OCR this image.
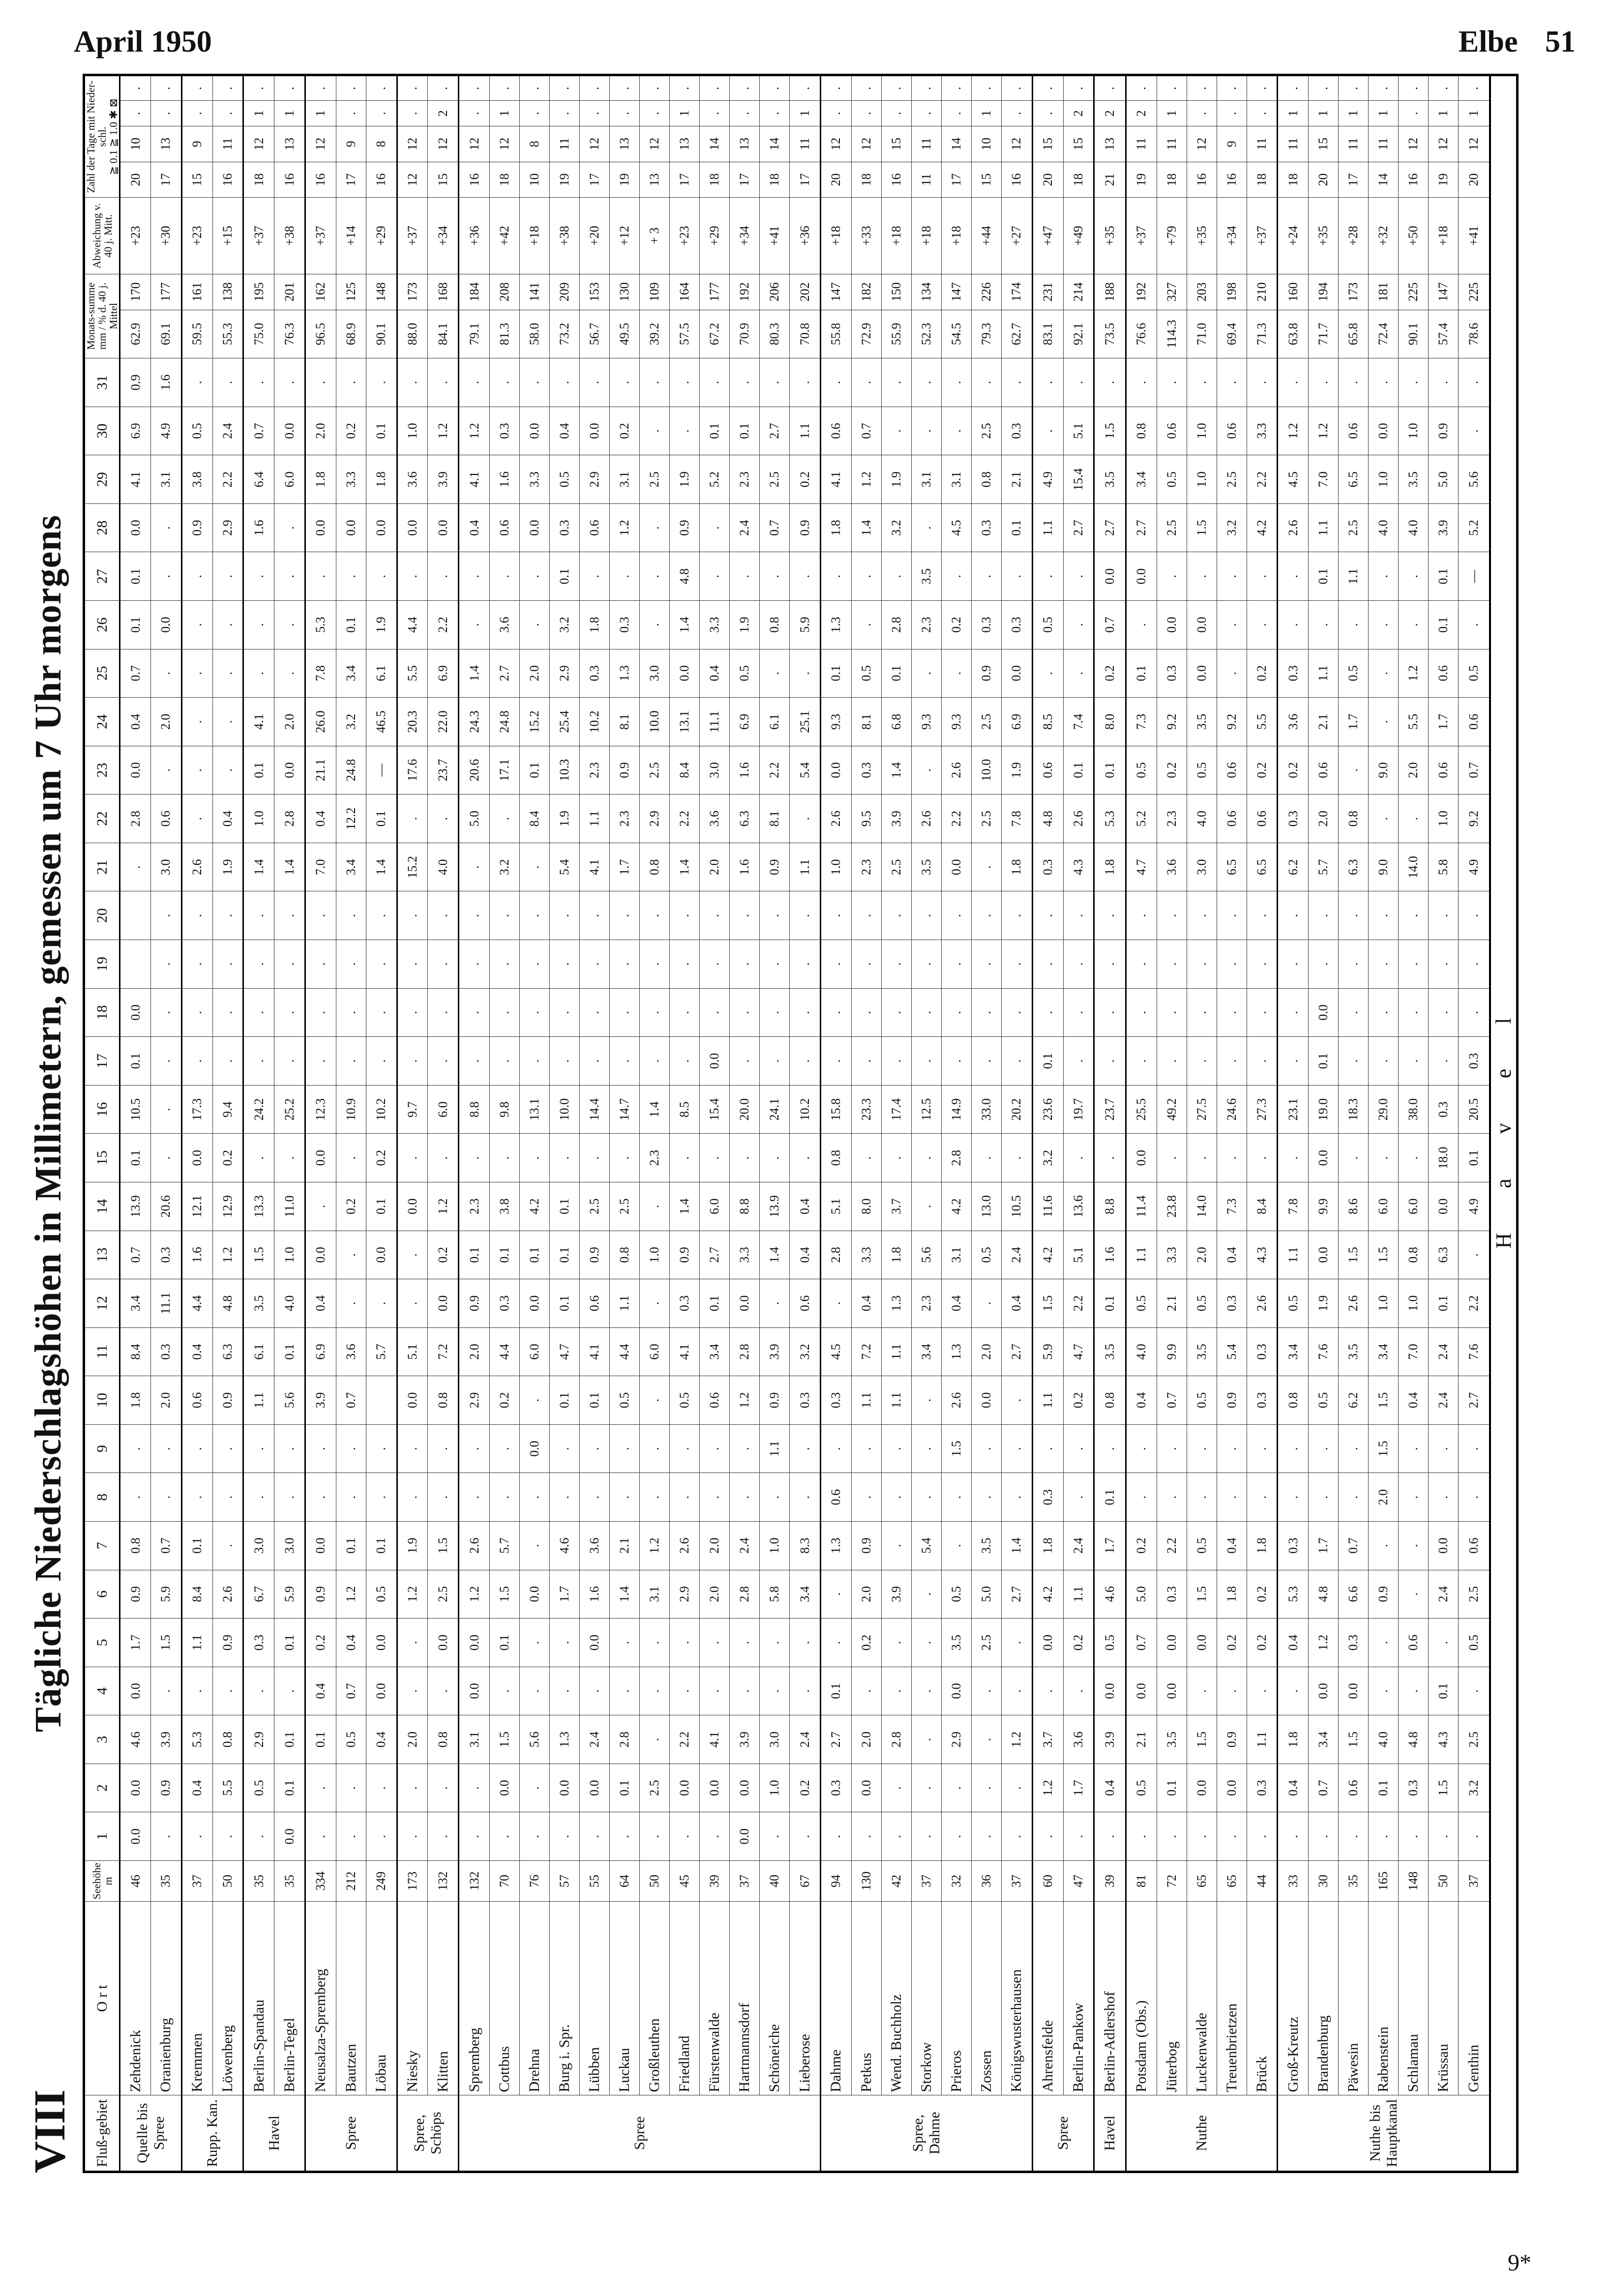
April 1950	Elbe 51
VIII
Tägliche Niederschlagshöhen in Millimetern, gemessen um 7 Uhr morgens
Fluß-gebiet	O r t	Seehöhe m	1	2	3	4	5	6	7	8	9	10	11	12	13	14	15	16	17	18	19	20	21	22	23	24	25	26	27	28	29	30	31	Monats-summe
mm / % d. 40 j. Mittel		Abweichung v. 40 j. Mitt.	Zahl der Tage mit Nieder-schl.
≧ 0.1 ≧ 1.0 ✱ ⊠			
Quelle bis Spree	Zehdenick	46	0.0	0.0	4.6	0.0	1.7	0.9	0.8	.	.	1.8	8.4	3.4	0.7	13.9	0.1	10.5	0.1	0.0			.	2.8	0.0	0.4	0.7	0.1	0.1	0.0	4.1	6.9	0.9	62.9	170	+23	20	10	.	.
	Oranienburg	35	.	0.9	3.9	.	1.5	5.9	0.7	.	.	2.0	0.3	11.1	0.3	20.6	.	.	.	.	.	.	3.0	0.6	.	2.0	.	0.0	.	.	3.1	4.9	1.6	69.1	177	+30	17	13	.	.
Rupp. Kan.	Kremmen	37	.	0.4	5.3	.	1.1	8.4	0.1	.	.	0.6	0.4	4.4	1.6	12.1	0.0	17.3	.	.	.	.	2.6	.	.	.	.	.	.	0.9	3.8	0.5	.	59.5	161	+23	15	9	.	.
	Löwenberg	50	.	5.5	0.8	.	0.9	2.6	.	.	.	0.9	6.3	4.8	1.2	12.9	0.2	9.4	.	.	.	.	1.9	0.4	.	.	.	.	.	2.9	2.2	2.4	.	55.3	138	+15	16	11	.	.
Havel	Berlin-Spandau	35	.	0.5	2.9	.	0.3	6.7	3.0	.	.	1.1	6.1	3.5	1.5	13.3	.	24.2	.	.	.	.	1.4	1.0	0.1	4.1	.	.	.	1.6	6.4	0.7	.	75.0	195	+37	18	12	1	.
	Berlin-Tegel	35	0.0	0.1	0.1	.	0.1	5.9	3.0	.	.	5.6	0.1	4.0	1.0	11.0	.	25.2	.	.	.	.	1.4	2.8	0.0	2.0	.	.	.	.	6.0	0.0	.	76.3	201	+38	16	13	1	.
Spree	Neusalza-Spremberg	334	.	.	0.1	0.4	0.2	0.9	0.0	.	.	3.9	6.9	0.4	0.0	.	0.0	12.3	.	.	.	.	7.0	0.4	21.1	26.0	7.8	5.3	.	0.0	1.8	2.0	.	96.5	162	+37	16	12	1	.
	Bautzen	212	.	.	0.5	0.7	0.4	1.2	0.1	.	.	0.7	3.6	.	.	0.2	.	10.9	.	.	.	.	3.4	12.2	24.8	3.2	3.4	0.1	.	0.0	3.3	0.2	.	68.9	125	+14	17	9	.	.
	Löbau	249	.	.	0.4	0.0	0.0	0.5	0.1	.	.		5.7	.	0.0	0.1	0.2	10.2	.	.	.	.	1.4	0.1	—	46.5	6.1	1.9	.	0.0	1.8	0.1	.	90.1	148	+29	16	8	.	.
Spree, Schöps	Niesky	173	.	.	2.0	.	.	1.2	1.9	.	.	0.0	5.1	.	.	0.0	.	9.7	.	.	.	.	15.2	.	17.6	20.3	5.5	4.4	.	0.0	3.6	1.0	.	88.0	173	+37	12	12	.	.
	Klitten	132	.	.	0.8	.	0.0	2.5	1.5	.	.	0.8	7.2	0.0	0.2	1.2	.	6.0	.	.	.	.	4.0	.	23.7	22.0	6.9	2.2	.	0.0	3.9	1.2	.	84.1	168	+34	15	12	2	.
Spree	Spremberg	132	.	.	3.1	0.0	0.0	1.2	2.6	.	.	2.9	2.0	0.9	0.1	2.3	.	8.8	.	.	.	.	.	5.0	20.6	24.3	1.4	.	.	0.4	4.1	1.2	.	79.1	184	+36	16	12	.	.
	Cottbus	70	.	0.0	1.5	.	0.1	1.5	5.7	.	.	0.2	4.4	0.3	0.1	3.8	.	9.8	.	.	.	.	3.2	.	17.1	24.8	2.7	3.6	.	0.6	1.6	0.3	.	81.3	208	+42	18	12	1	.
	Drehna	76	.	.	5.6	.	.	0.0	.	.	0.0	.	6.0	0.0	0.1	4.2	.	13.1	.	.	.	.	.	8.4	0.1	15.2	2.0	.	.	0.0	3.3	0.0	.	58.0	141	+18	10	8	.	.
	Burg i. Spr.	57	.	0.0	1.3	.	.	1.7	4.6	.	.	0.1	4.7	0.1	0.1	0.1	.	10.0	.	.	.	.	5.4	1.9	10.3	25.4	2.9	3.2	0.1	0.3	0.5	0.4	.	73.2	209	+38	19	11	.	.
	Lübben	55	.	0.0	2.4	.	0.0	1.6	3.6	.	.	0.1	4.1	0.6	0.9	2.5	.	14.4	.	.	.	.	4.1	1.1	2.3	10.2	0.3	1.8	.	0.6	2.9	0.0	.	56.7	153	+20	17	12	.	.
	Luckau	64	.	0.1	2.8	.	.	1.4	2.1	.	.	0.5	4.4	1.1	0.8	2.5	.	14.7	.	.	.	.	1.7	2.3	0.9	8.1	1.3	0.3	.	1.2	3.1	0.2	.	49.5	130	+12	19	13	.	.
	Großleuthen	50	.	2.5	.	.	.	3.1	1.2	.	.	.	6.0	.	1.0	.	2.3	1.4	.	.	.	.	0.8	2.9	2.5	10.0	3.0	.	.	.	2.5	.	.	39.2	109	+ 3	13	12	.	.
	Friedland	45	.	0.0	2.2	.	.	2.9	2.6	.	.	0.5	4.1	0.3	0.9	1.4	.	8.5	.	.	.	.	1.4	2.2	8.4	13.1	0.0	1.4	4.8	0.9	1.9	.	.	57.5	164	+23	17	13	1	.
	Fürstenwalde	39	.	0.0	4.1	.	.	2.0	2.0	.	.	0.6	3.4	0.1	2.7	6.0	.	15.4	0.0	.	.	.	2.0	3.6	3.0	11.1	0.4	3.3	.	.	5.2	0.1	.	67.2	177	+29	18	14	.	.
	Hartmannsdorf	37	0.0	0.0	3.9	.	.	2.8	2.4	.	.	1.2	2.8	0.0	3.3	8.8	.	20.0	.	.	.	.	1.6	6.3	1.6	6.9	0.5	1.9	.	2.4	2.3	0.1	.	70.9	192	+34	17	13	.	.
	Schöneiche	40	.	1.0	3.0	.	.	5.8	1.0	.	1.1	0.9	3.9	.	1.4	13.9	.	24.1	.	.	.	.	0.9	8.1	2.2	6.1	.	0.8	.	0.7	2.5	2.7	.	80.3	206	+41	18	14	.	.
	Lieberose	67	.	0.2	2.4	.	.	3.4	8.3	.	.	0.3	3.2	0.6	0.4	0.4	.	10.2	.	.	.	.	1.1	.	5.4	25.1	.	5.9	.	0.9	0.2	1.1	.	70.8	202	+36	17	11	1	.
Spree, Dahme	Dahme	94	.	0.3	2.7	0.1	.	.	1.3	0.6	.	0.3	4.5	.	2.8	5.1	0.8	15.8	.	.	.	.	1.0	2.6	0.0	9.3	0.1	1.3	.	1.8	4.1	0.6	.	55.8	147	+18	20	12	.	.
	Petkus	130	.	0.0	2.0	.	0.2	2.0	0.9	.	.	1.1	7.2	0.4	3.3	8.0	.	23.3	.	.	.	.	2.3	9.5	0.3	8.1	0.5	.	.	1.4	1.2	0.7	.	72.9	182	+33	18	12	.	.
	Wend. Buchholz	42	.	.	2.8	.	.	3.9	.	.	.	1.1	1.1	1.3	1.8	3.7	.	17.4	.	.	.	.	2.5	3.9	1.4	6.8	0.1	2.8	.	3.2	1.9	.	.	55.9	150	+18	16	15	.	.
	Storkow	37	.	.	.	.	.	.	5.4	.	.	.	3.4	2.3	5.6	.	.	12.5	.	.	.	.	3.5	2.6	.	9.3	.	2.3	3.5	.	3.1	.	.	52.3	134	+18	11	11	.	.
	Prieros	32	.	.	2.9	0.0	3.5	0.5	.	.	1.5	2.6	1.3	0.4	3.1	4.2	2.8	14.9	.	.	.	.	0.0	2.2	2.6	9.3	.	0.2	.	4.5	3.1	.	.	54.5	147	+18	17	14	.	.
	Zossen	36	.	.	.	.	2.5	5.0	3.5	.	.	0.0	2.0	.	0.5	13.0	.	33.0	.	.	.	.	.	2.5	10.0	2.5	0.9	0.3	.	0.3	0.8	2.5	.	79.3	226	+44	15	10	1	.
	Königswusterhausen	37	.	.	1.2	.	.	2.7	1.4	.	.	.	2.7	0.4	2.4	10.5	.	20.2	.	.	.	.	1.8	7.8	1.9	6.9	0.0	0.3	.	0.1	2.1	0.3	.	62.7	174	+27	16	12	.	.
Spree	Ahrensfelde	60	.	1.2	3.7	.	0.0	4.2	1.8	0.3	.	1.1	5.9	1.5	4.2	11.6	3.2	23.6	0.1	.	.	.	0.3	4.8	0.6	8.5	.	0.5	.	1.1	4.9	.	.	83.1	231	+47	20	15	.	.
	Berlin-Pankow	47	.	1.7	3.6	.	0.2	1.1	2.4	.	.	0.2	4.7	2.2	5.1	13.6	.	19.7	.	.	.	.	4.3	2.6	0.1	7.4	.	.	.	2.7	15.4	5.1	.	92.1	214	+49	18	15	2	.
Havel	Berlin-Adlershof	39	.	0.4	3.9	0.0	0.5	4.6	1.7	0.1	.	0.8	3.5	0.1	1.6	8.8	.	23.7	.	.	.	.	1.8	5.3	0.1	8.0	0.2	0.7	0.0	2.7	3.5	1.5	.	73.5	188	+35	21	13	2	.
Nuthe	Potsdam (Obs.)	81	.	0.5	2.1	0.0	0.7	5.0	0.2	.	.	0.4	4.0	0.5	1.1	11.4	0.0	25.5	.	.	.	.	4.7	5.2	0.5	7.3	0.1	.	0.0	2.7	3.4	0.8	.	76.6	192	+37	19	11	2	.
	Jüterbog	72	.	0.1	3.5	0.0	0.0	0.3	2.2	.	.	0.7	9.9	2.1	3.3	23.8	.	49.2	.	.	.	.	3.6	2.3	0.2	9.2	0.3	0.0	.	2.5	0.5	0.6	.	114.3	327	+79	18	11	1	.
	Luckenwalde	65	.	0.0	1.5	.	0.0	1.5	0.5	.	.	0.5	3.5	0.5	2.0	14.0	.	27.5	.	.	.	.	3.0	4.0	0.5	3.5	0.0	0.0	.	1.5	1.0	1.0	.	71.0	203	+35	16	12	.	.
	Treuenbrietzen	65	.	0.0	0.9	.	0.2	1.8	0.4	.	.	0.9	5.4	0.3	0.4	7.3	.	24.6	.	.	.	.	6.5	0.6	0.6	9.2	.	.	.	3.2	2.5	0.6	.	69.4	198	+34	16	9	.	.
	Brück	44	.	0.3	1.1	.	0.2	0.2	1.8	.	.	0.3	0.3	2.6	4.3	8.4	.	27.3	.	.	.	.	6.5	0.6	0.2	5.5	0.2	.	.	4.2	2.2	3.3	.	71.3	210	+37	18	11	.	.
Nuthe bis Hauptkanal	Groß-Kreutz	33	.	0.4	1.8	.	0.4	5.3	0.3	.	.	0.8	3.4	0.5	1.1	7.8	.	23.1	.	.	.	.	6.2	0.3	0.2	3.6	0.3	.	.	2.6	4.5	1.2	.	63.8	160	+24	18	11	1	.
	Brandenburg	30	.	0.7	3.4	0.0	1.2	4.8	1.7	.	.	0.5	7.6	1.9	0.0	9.9	0.0	19.0	0.1	0.0	.	.	5.7	2.0	0.6	2.1	1.1	.	0.1	1.1	7.0	1.2	.	71.7	194	+35	20	15	1	.
	Päwesin	35	.	0.6	1.5	0.0	0.3	6.6	0.7	.	.	6.2	3.5	2.6	1.5	8.6	.	18.3	.	.	.	.	6.3	0.8	.	1.7	0.5	.	1.1	2.5	6.5	0.6	.	65.8	173	+28	17	11	1	.
	Rabenstein	165	.	0.1	4.0	.	.	0.9	.	2.0	1.5	1.5	3.4	1.0	1.5	6.0	.	29.0	.	.	.	.	9.0	.	9.0	.	.	.	.	4.0	1.0	0.0	.	72.4	181	+32	14	11	1	.
	Schlamau	148	.	0.3	4.8	.	0.6	.	.	.	.	0.4	7.0	1.0	0.8	6.0	.	38.0	.	.	.	.	14.0	.	2.0	5.5	1.2	.	.	4.0	3.5	1.0	.	90.1	225	+50	16	12	.	.
	Krüssau	50	.	1.5	4.3	0.1	.	2.4	0.0	.	.	2.4	2.4	0.1	6.3	0.0	18.0	0.3	.	.	.	.	5.8	1.0	0.6	1.7	0.6	0.1	0.1	3.9	5.0	0.9	.	57.4	147	+18	19	12	1	.
	Genthin	37	.	3.2	2.5	.	0.5	2.5	0.6	.	.	2.7	7.6	2.2	.	4.9	0.1	20.5	0.3	.	.	.	4.9	9.2	0.7	0.6	0.5	.	—	5.2	5.6	.	.	78.6	225	+41	20	12	1	.
H a v e l																																								
9*
